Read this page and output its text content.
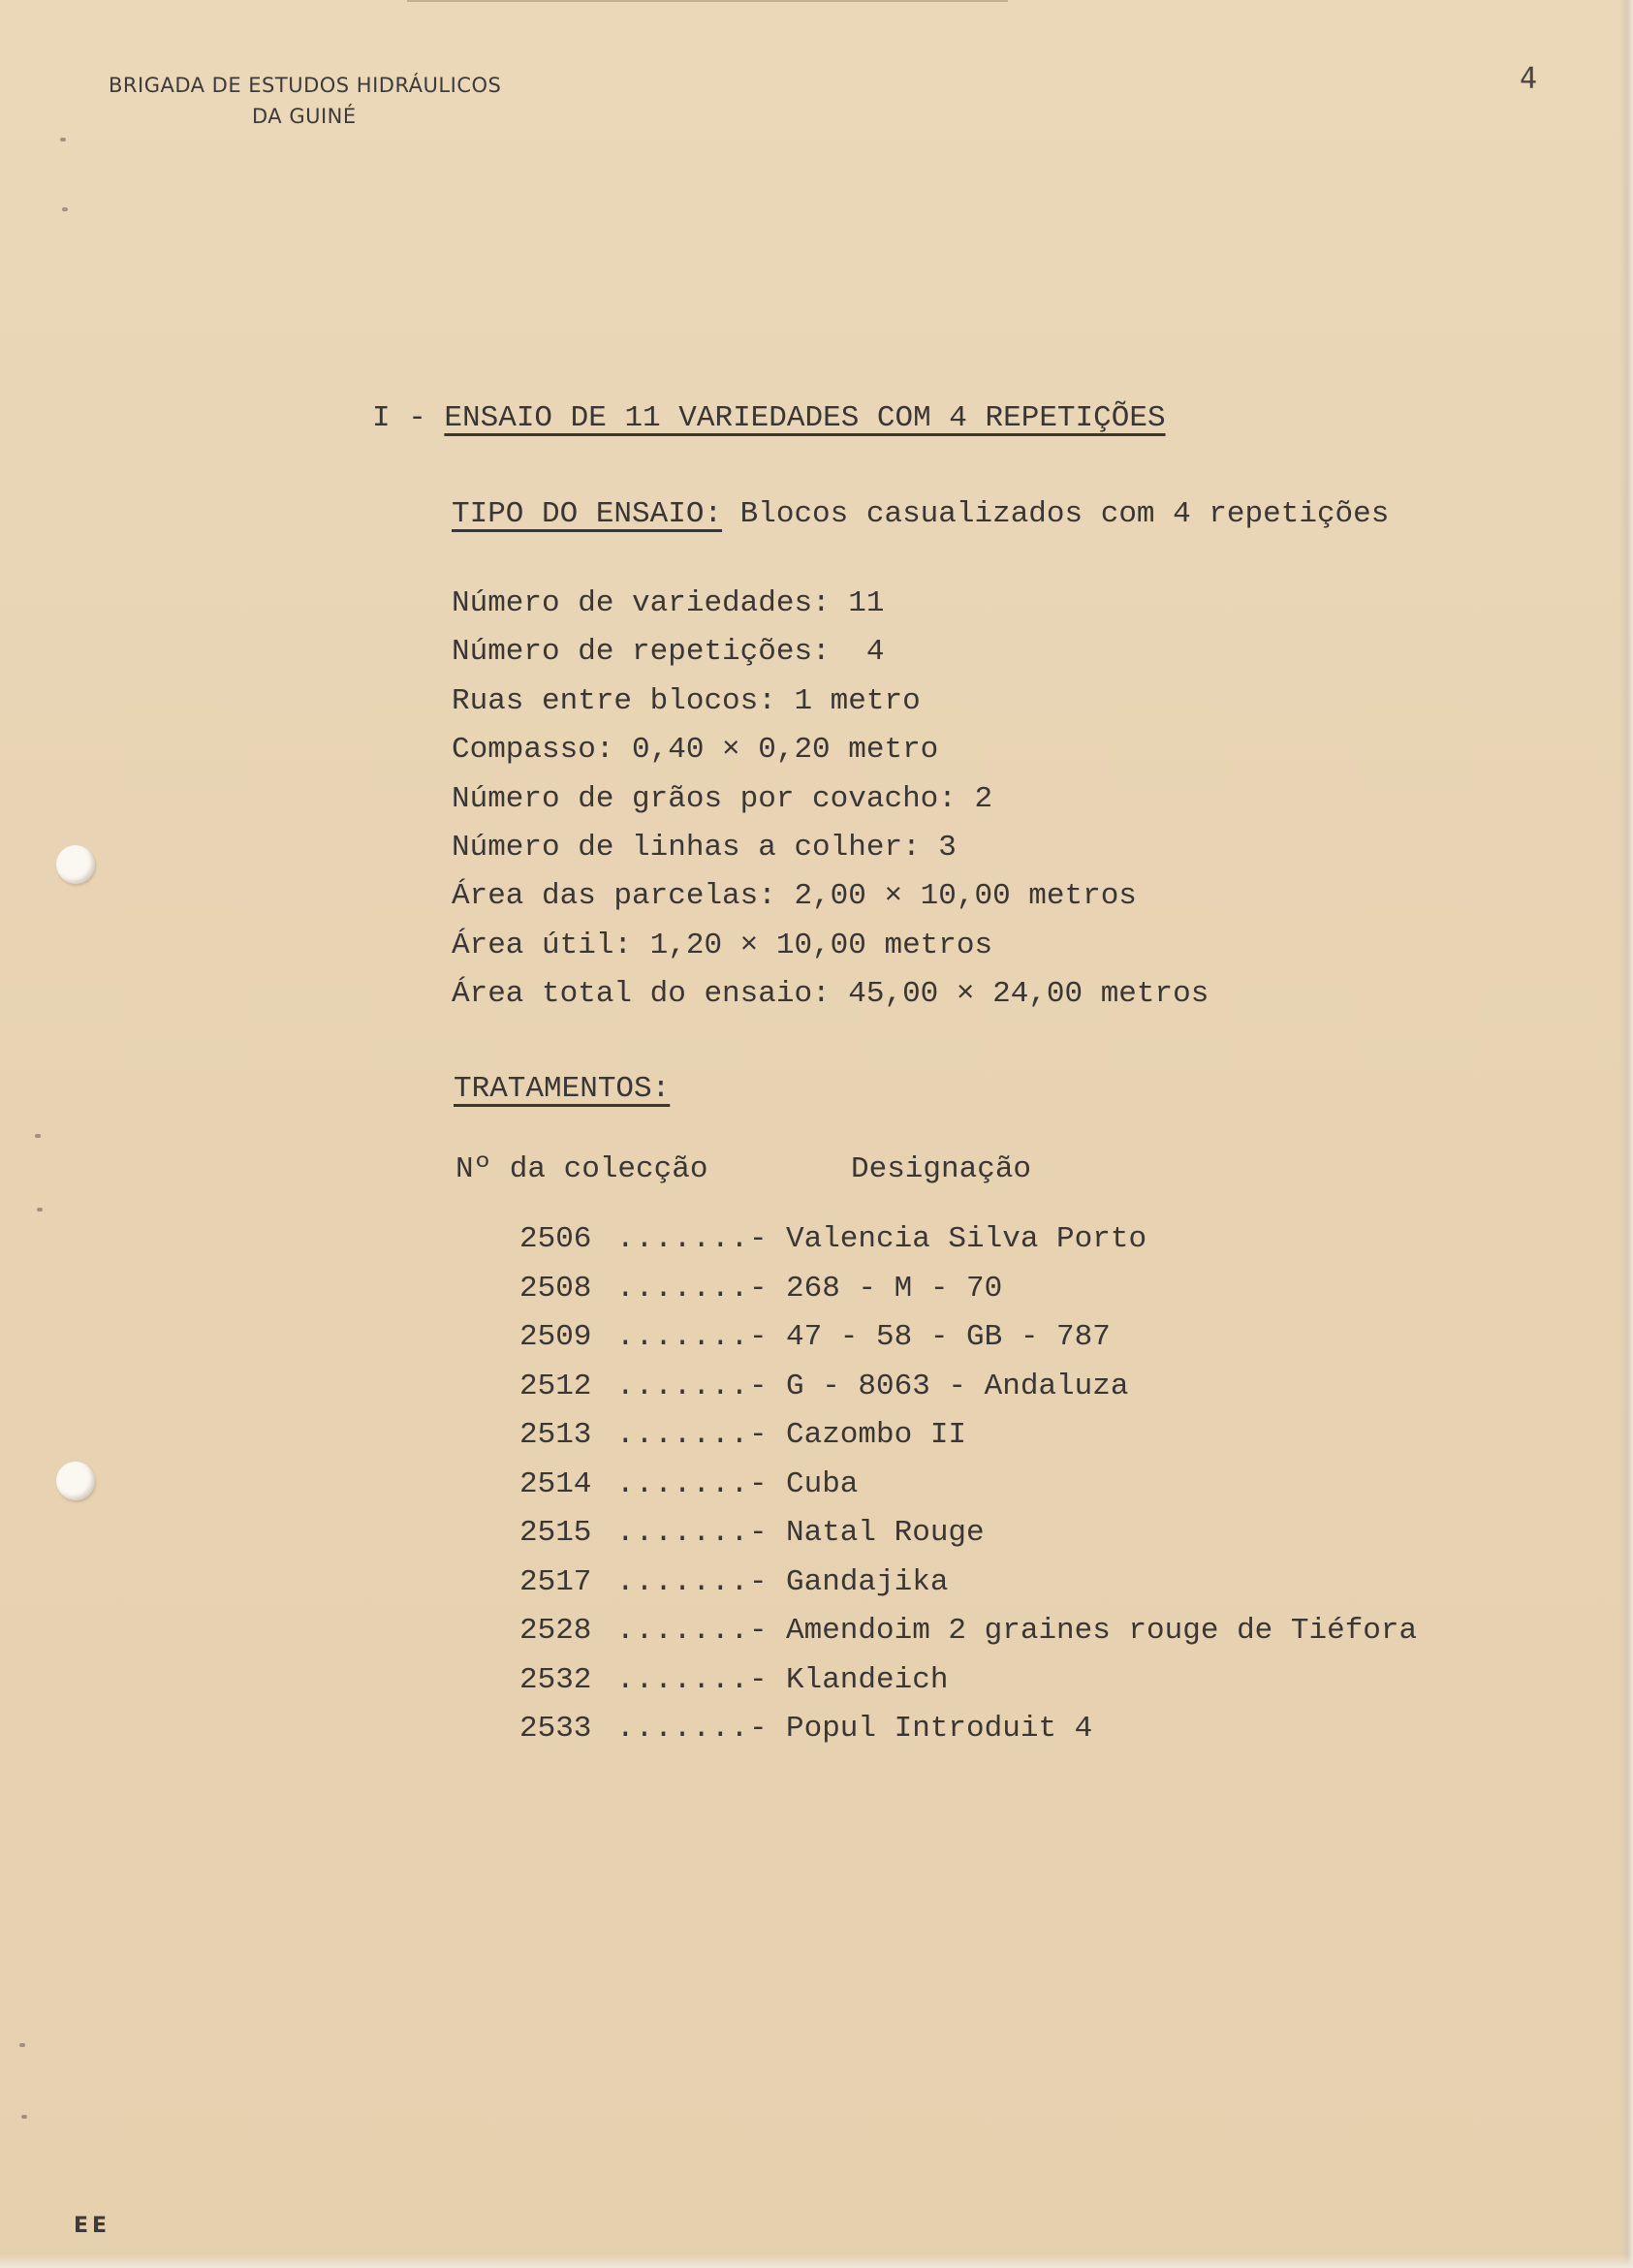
BRIGADA DE ESTUDOS HIDRÁULICOS
DA GUINÉ
4
I - ENSAIO DE 11 VARIEDADES COM 4 REPETIÇÕES
TIPO DO ENSAIO: Blocos casualizados com 4 repetições
Número de variedades: 11
Número de repetições:  4
Ruas entre blocos: 1 metro
Compasso: 0,40 × 0,20 metro
Número de grãos por covacho: 2
Número de linhas a colher: 3
Área das parcelas: 2,00 × 10,00 metros
Área útil: 1,20 × 10,00 metros
Área total do ensaio: 45,00 × 24,00 metros
TRATAMENTOS:
Nº da colecção	Designação
2506 .......- Valencia Silva Porto
2508 .......- 268 - M - 70
2509 .......- 47 - 58 - GB - 787
2512 .......- G - 8063 - Andaluza
2513 .......- Cazombo II
2514 .......- Cuba
2515 .......- Natal Rouge
2517 .......- Gandajika
2528 .......- Amendoim 2 graines rouge de Tiéfora
2532 .......- Klandeich
2533 .......- Popul Introduit 4
EE
